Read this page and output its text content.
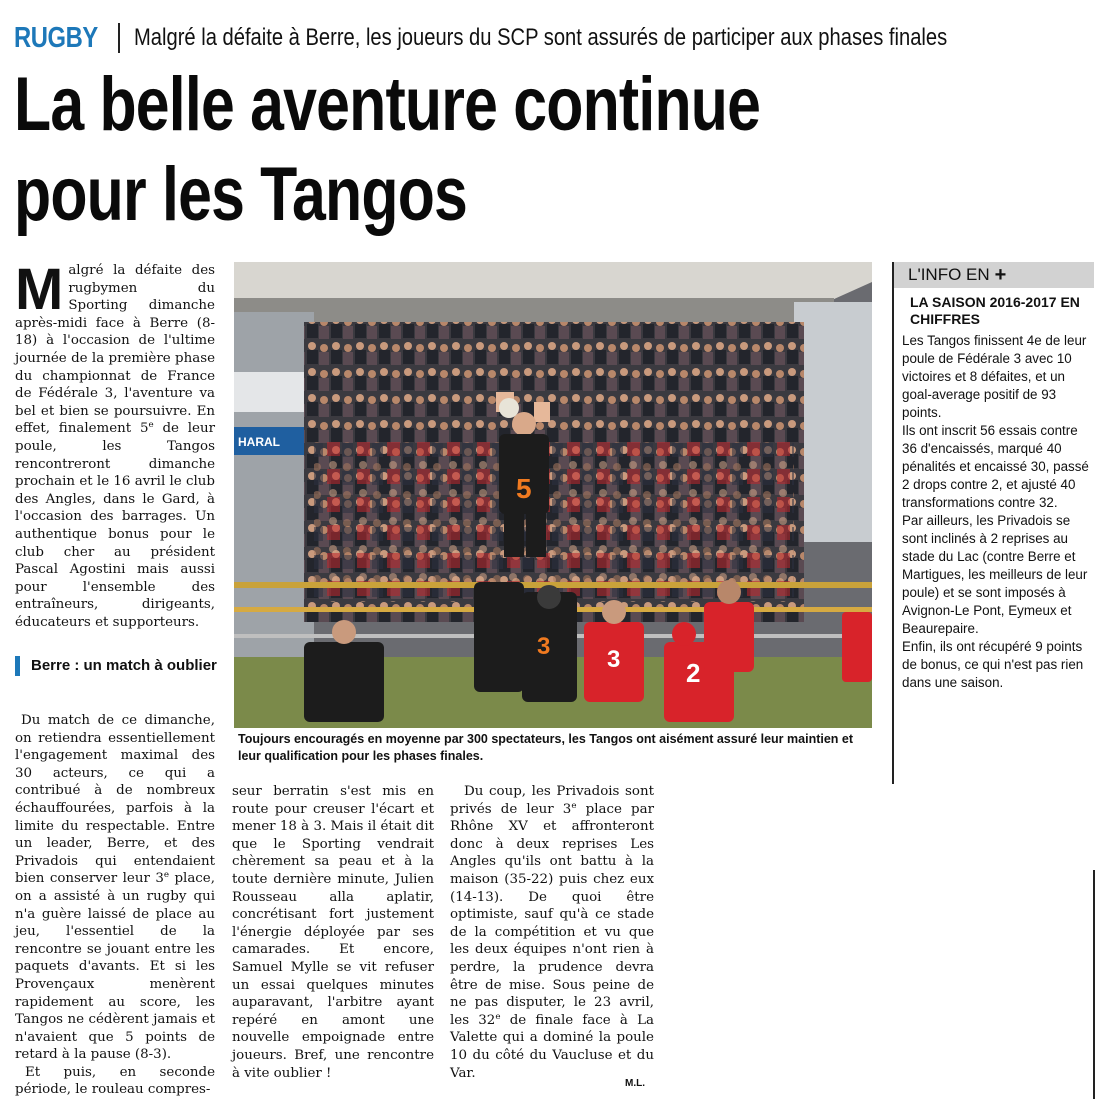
RUGBY Malgré la défaite à Berre, les joueurs du SCP sont assurés de participer aux phases finales
La belle aventure continue
pour les Tangos
M algré la défaite des rugbymen du Sporting dimanche après-midi face à Berre (8-18) à l'occasion de l'ultime journée de la première phase du championnat de France de Fédérale 3, l'aventure va bel et bien se poursuivre. En effet, finalement 5e de leur poule, les Tangos rencontreront dimanche prochain et le 16 avril le club des Angles, dans le Gard, à l'occasion des barrages. Un authentique bonus pour le club cher au président Pascal Agostini mais aussi pour l'ensemble des entraîneurs, dirigeants, éducateurs et supporteurs.

Berre : un match à oublier

Du match de ce dimanche, on retiendra essentiellement l'engagement maximal des 30 acteurs, ce qui a contribué à de nombreux échauffourées, parfois à la limite du respectable. Entre un leader, Berre, et des Privadois qui entendaient bien conserver leur 3e place, on a assisté à un rugby qui n'a guère laissé de place au jeu, l'essentiel de la rencontre se jouant entre les paquets d'avants. Et si les Provençaux menèrent rapidement au score, les Tangos ne cédèrent jamais et n'avaient que 5 points de retard à la pause (8-3).

Et puis, en seconde période, le rouleau compres-

seur berratin s'est mis en route pour creuser l'écart et mener 18 à 3. Mais il était dit que le Sporting vendrait chèrement sa peau et à la toute dernière minute, Julien Rousseau alla aplatir, concrétisant fort justement l'énergie déployée par ses camarades. Et encore, Samuel Mylle se vit refuser un essai quelques minutes auparavant, l'arbitre ayant repéré en amont une nouvelle empoignade entre joueurs. Bref, une rencontre à vite oublier !

Du coup, les Privadois sont privés de leur 3e place par Rhône XV et affronteront donc à deux reprises Les Angles qu'ils ont battu à la maison (35-22) puis chez eux (14-13). De quoi être optimiste, sauf qu'à ce stade de la compétition et vu que les deux équipes n'ont rien à perdre, la prudence devra être de mise. Sous peine de ne pas disputer, le 23 avril, les 32e de finale face à La Valette qui a dominé la poule 10 du côté du Vaucluse et du Var.

M.L.
HARAL
5
3 3	2
Toujours encouragés en moyenne par 300 spectateurs, les Tangos ont aisément assuré leur maintien et leur qualification pour les phases finales.
L'INFO EN +
LA SAISON 2016-2017 EN CHIFFRES

Les Tangos finissent 4e de leur poule de Fédérale 3 avec 10 victoires et 8 défaites, et un goal-average positif de 93 points.

Ils ont inscrit 56 essais contre 36 d'encaissés, marqué 40 pénalités et encaissé 30, passé 2 drops contre 2, et ajusté 40 transformations contre 32.

Par ailleurs, les Privadois se sont inclinés à 2 reprises au stade du Lac (contre Berre et Martigues, les meilleurs de leur poule) et se sont imposés à Avignon-Le Pont, Eymeux et Beaurepaire.

Enfin, ils ont récupéré 9 points de bonus, ce qui n'est pas rien dans une saison.
